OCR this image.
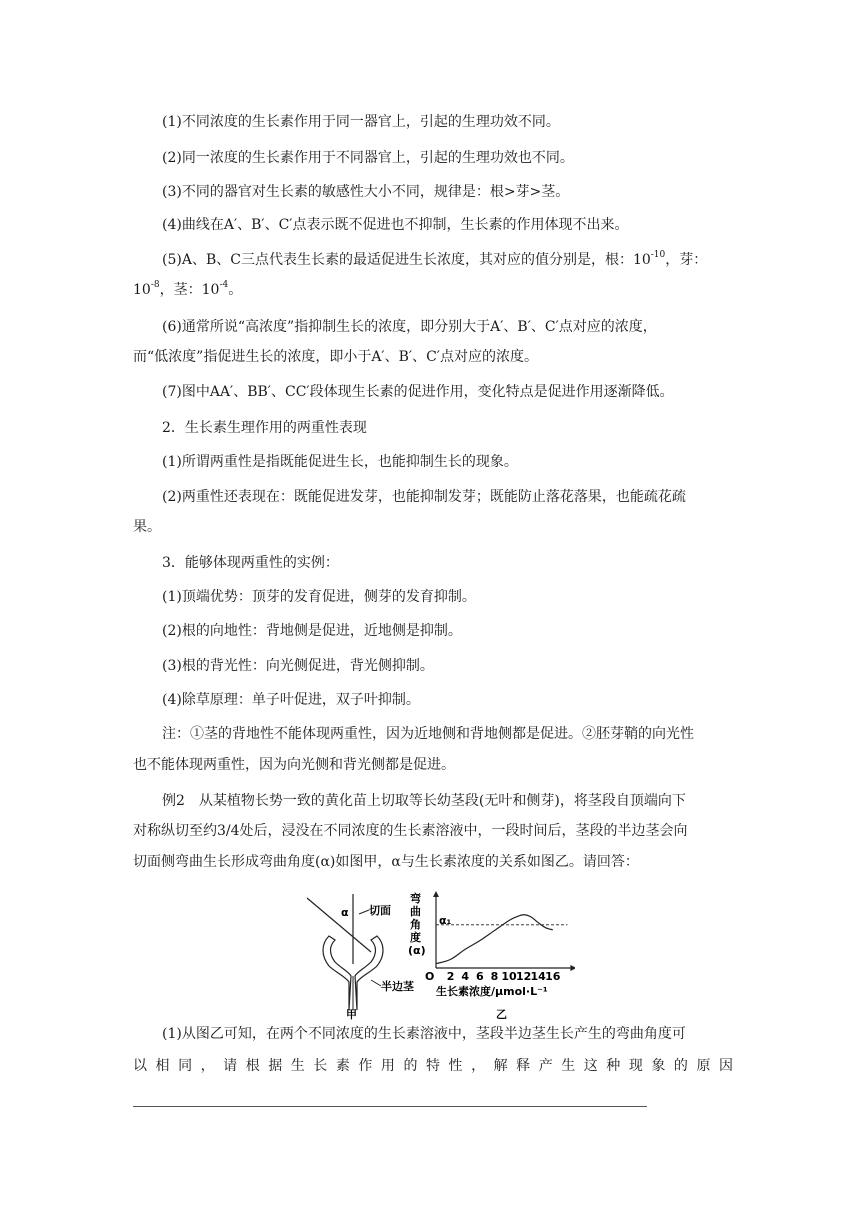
(1)不同浓度的生长素作用于同一器官上，引起的生理功效不同。
(2)同一浓度的生长素作用于不同器官上，引起的生理功效也不同。
(3)不同的器官对生长素的敏感性大小不同，规律是：根>芽>茎。
(4)曲线在A′、B′、C′点表示既不促进也不抑制，生长素的作用体现不出来。
(5)A、B、C三点代表生长素的最适促进生长浓度，其对应的值分别是，根：$10^{-10}$，芽：
$10^{-8}$，茎：$10^{-4}$。
(6)通常所说“高浓度”指抑制生长的浓度，即分别大于A′、B′、C′点对应的浓度，
而“低浓度”指促进生长的浓度，即小于A′、B′、C′点对应的浓度。
(7)图中AA′、BB′、CC′段体现生长素的促进作用，变化特点是促进作用逐渐降低。
2．生长素生理作用的两重性表现
(1)所谓两重性是指既能促进生长，也能抑制生长的现象。
(2)两重性还表现在：既能促进发芽，也能抑制发芽；既能防止落花落果，也能疏花疏
果。
3．能够体现两重性的实例：
(1)顶端优势：顶芽的发育促进，侧芽的发育抑制。
(2)根的向地性：背地侧是促进，近地侧是抑制。
(3)根的背光性：向光侧促进，背光侧抑制。
(4)除草原理：单子叶促进，双子叶抑制。
注：①茎的背地性不能体现两重性，因为近地侧和背地侧都是促进。②胚芽鞘的向光性
也不能体现两重性，因为向光侧和背光侧都是促进。
例2　从某植物长势一致的黄化苗上切取等长幼茎段(无叶和侧芽)，将茎段自顶端向下
对称纵切至约3/4处后，浸没在不同浓度的生长素溶液中，一段时间后，茎段的半边茎会向
切面侧弯曲生长形成弯曲角度(α)如图甲，α与生长素浓度的关系如图乙。请回答：
α 切面
半边茎
甲
弯
曲
角
度
(α)
2 4 6 8 10 12 14 16
α₁
O
生长素浓度/μmol·L⁻¹
乙
(1)从图乙可知，在两个不同浓度的生长素溶液中，茎段半边茎生长产生的弯曲角度可
以相同，请根据生长素作用的特性，解释产生这种现象的原因
